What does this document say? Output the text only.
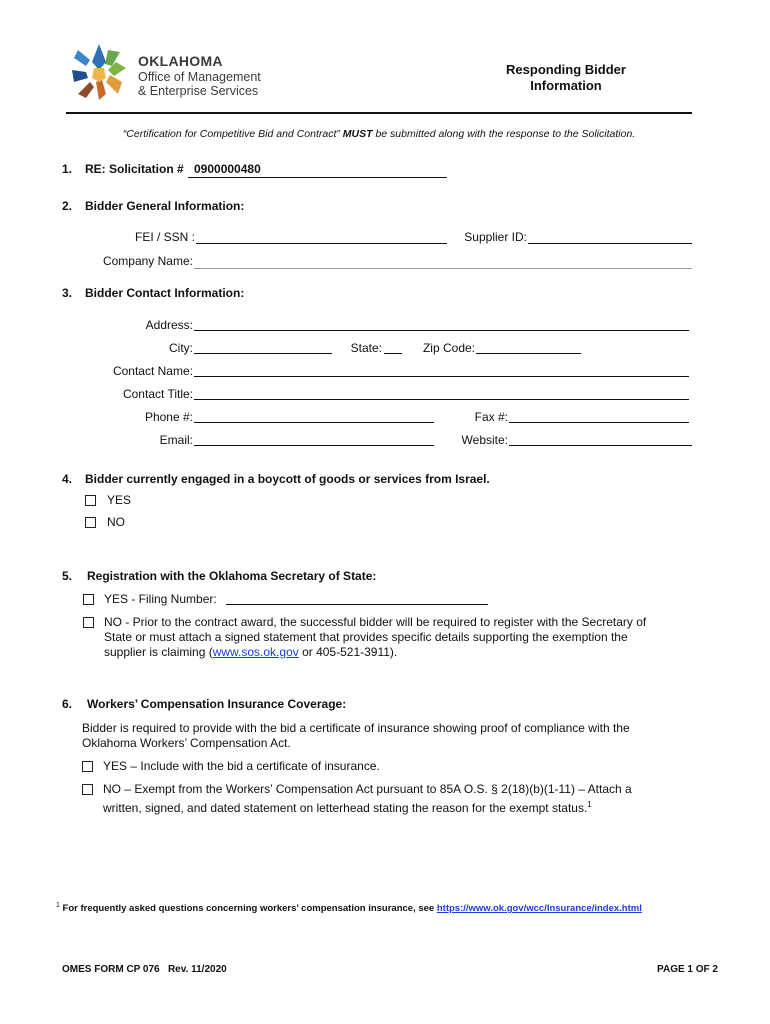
OKLAHOMA
Office of Management
& Enterprise Services
Responding Bidder
Information
“Certification for Competitive Bid and Contract” MUST be submitted along with the response to the Solicitation.
1. RE: Solicitation # 0900000480
2. Bidder General Information:
FEI / SSN :	Supplier ID:
Company Name:
3. Bidder Contact Information:
Address:
City:	State:	Zip Code:
Contact Name:
Contact Title:
Phone #:	Fax #:
Email:	Website:
4. Bidder currently engaged in a boycott of goods or services from Israel.
YES
NO
5. Registration with the Oklahoma Secretary of State:
YES - Filing Number:
NO - Prior to the contract award, the successful bidder will be required to register with the Secretary of
State or must attach a signed statement that provides specific details supporting the exemption the
supplier is claiming (www.sos.ok.gov or 405-521-3911).
6. Workers’ Compensation Insurance Coverage:
Bidder is required to provide with the bid a certificate of insurance showing proof of compliance with the
Oklahoma Workers’ Compensation Act.
YES – Include with the bid a certificate of insurance.
NO – Exempt from the Workers’ Compensation Act pursuant to 85A O.S. § 2(18)(b)(1-11) – Attach a
written, signed, and dated statement on letterhead stating the reason for the exempt status.$^1$
$^1$ For frequently asked questions concerning workers’ compensation insurance, see https://www.ok.gov/wcc/Insurance/index.html
OMES FORM CP 076   Rev. 11/2020	PAGE 1 OF 2
